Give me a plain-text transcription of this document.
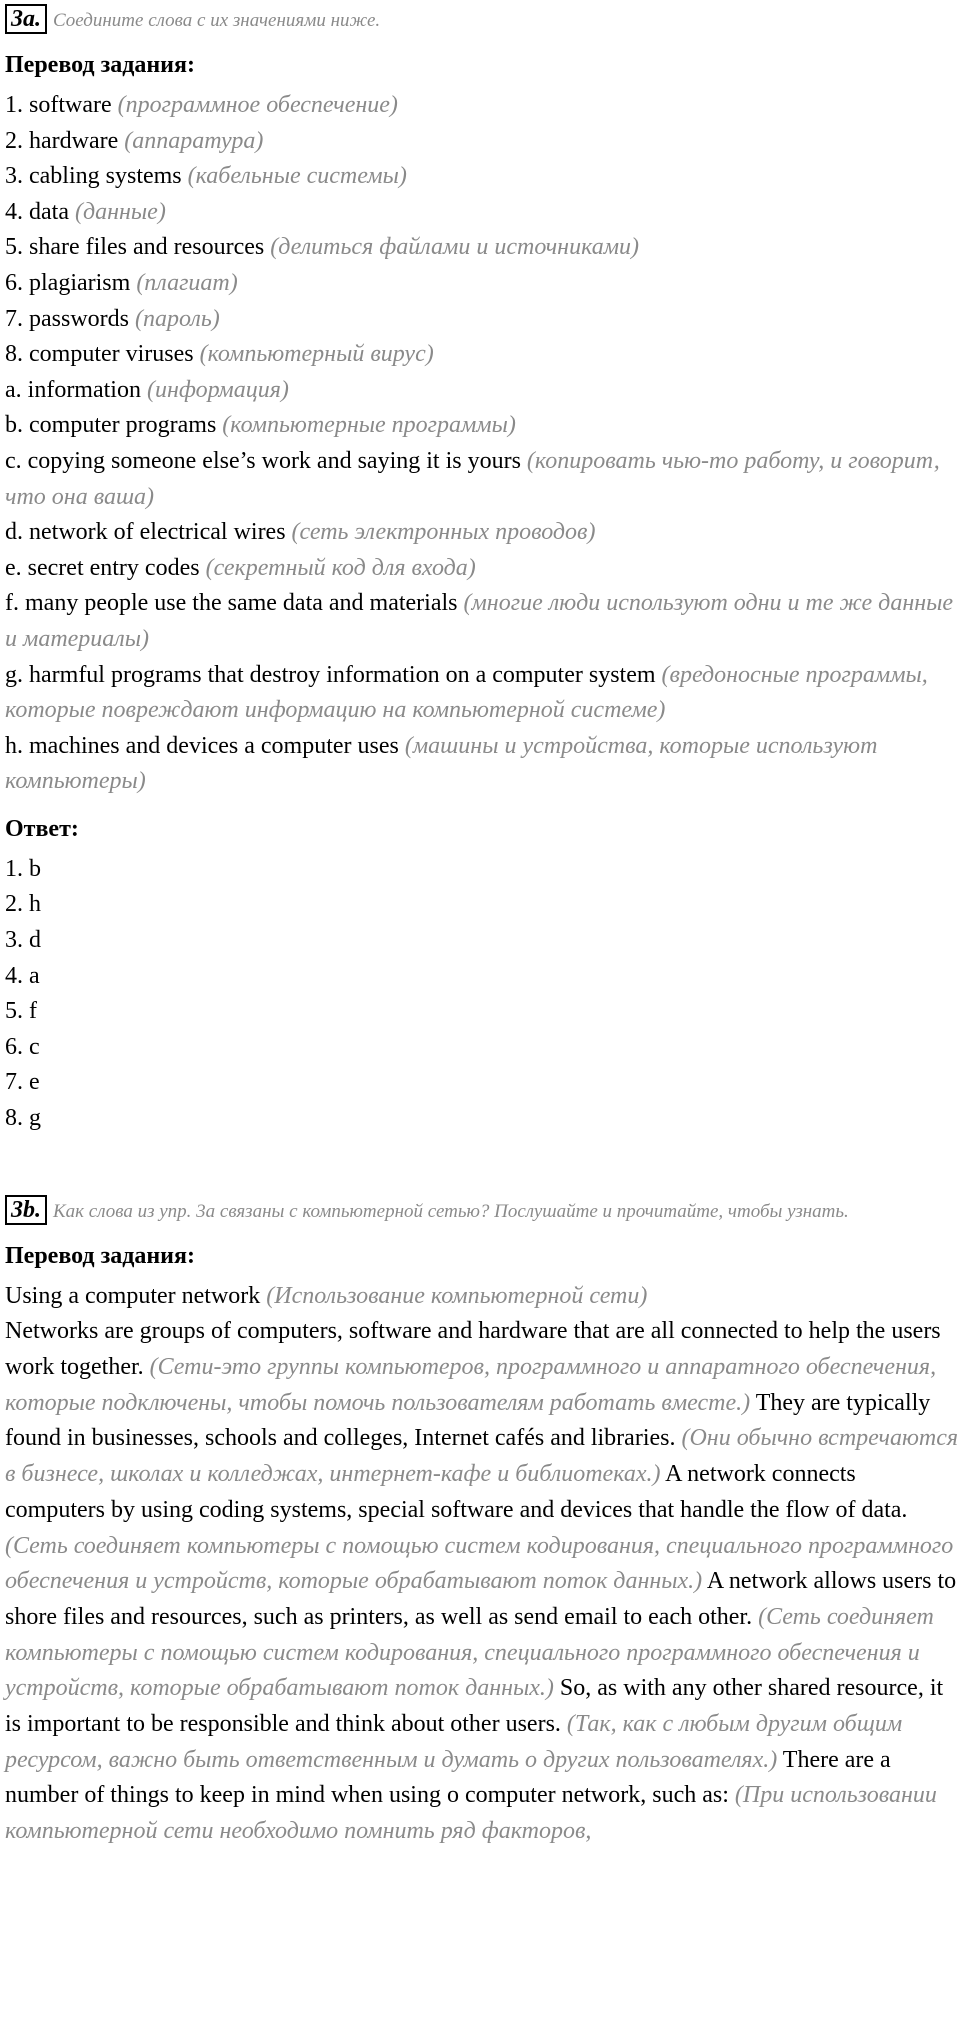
3a. Соедините слова с их значениями ниже.

Перевод задания:
1. software (программное обеспечение)
2. hardware (аппаратура)
3. cabling systems (кабельные системы)
4. data (данные)
5. share files and resources (делиться файлами и источниками)
6. plagiarism (плагиат)
7. passwords (пароль)
8. computer viruses (компьютерный вирус)
a. information (информация)
b. computer programs (компьютерные программы)
c. copying someone else’s work and saying it is yours (копировать чью-то работу, и говорит, что она ваша)
d. network of electrical wires (сеть электронных проводов)
e. secret entry codes (секретный код для входа)
f. many people use the same data and materials (многие люди используют одни и те же данные и материалы)
g. harmful programs that destroy information on a computer system (вредоносные программы, которые повреждают информацию на компьютерной системе)
h. machines and devices a computer uses (машины и устройства, которые используют компьютеры)
Ответ:
1. b
2. h
3. d
4. a
5. f
6. c
7. e
8. g

3b. Как слова из упр. 3а связаны с компьютерной сетью? Послушайте и прочитайте, чтобы узнать.

Перевод задания:

Using a computer network (Использование компьютерной сети)
Networks are groups of computers, software and hardware that are all connected to help the users work together. (Сети-это группы компьютеров, программного и аппаратного обеспечения, которые подключены, чтобы помочь пользователям работать вместе.) They are typically found in businesses, schools and colleges, Internet cafés and libraries. (Они обычно встречаются в бизнесе, школах и колледжах, интернет-кафе и библиотеках.) A network connects computers by using coding systems, special software and devices that handle the flow of data. (Сеть соединяет компьютеры с помощью систем кодирования, специального программного обеспечения и устройств, которые обрабатывают поток данных.) A network allows users to shore files and resources, such as printers, as well as send email to each other. (Сеть соединяет компьютеры с помощью систем кодирования, специального программного обеспечения и устройств, которые обрабатывают поток данных.) So, as with any other shared resource, it is important to be responsible and think about other users. (Так, как с любым другим общим ресурсом, важно быть ответственным и думать о других пользователях.) There are a number of things to keep in mind when using o computer network, such as: (При использовании компьютерной сети необходимо помнить ряд факторов,
